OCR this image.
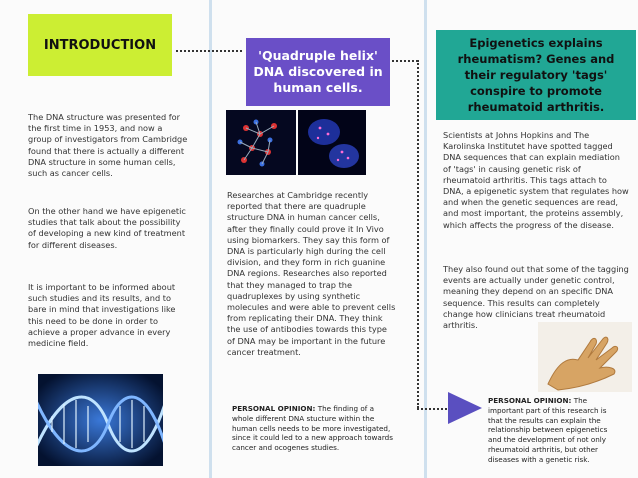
INTRODUCTION

The DNA structure was presented for the first time in 1953, and now a group of investigators from Cambridge found that there is actually a different DNA structure in some human cells, such as cancer cells.

On the other hand we have epigenetic studies that talk about the possibility of developing a new kind of treatment for different diseases.

It is important to be informed about such studies and its results, and to bare in mind that investigations like this need to be done in order to achieve a proper advance in every medicine field.

'Quadruple helix' DNA discovered in human cells.

Researches at Cambridge recently reported that there are quadruple structure DNA in human cancer cells, after they finally could prove it In Vivo using biomarkers. They say this form of DNA is particularly high during the cell division, and they form in rich guanine DNA regions. Researches also reported that they managed to trap the quadruplexes by using synthetic molecules and were able to prevent cells from replicating their DNA. They think the use of antibodies towards this type of DNA may be important in the future cancer treatment.

PERSONAL OPINION: The finding of a whole different DNA stucture within the human cells needs to be more investigated, since it could led to a new approach towards cancer and ocogenes studies.

Epigenetics explains rheumatism? Genes and their regulatory 'tags' conspire to promote rheumatoid arthritis.

Scientists at Johns Hopkins and The Karolinska Institutet have spotted tagged DNA sequences that can explain mediation of 'tags' in causing genetic risk of rheumatoid arthritis. This tags attach to DNA, a epigenetic system that regulates how and when the genetic sequences are read, and most important, the proteins assembly, which affects the progress of the disease.

They also found out that some of the tagging events are actually under genetic control, meaning they depend on an specific DNA sequence. This results can completely change how clinicians treat rheumatoid arthritis.

PERSONAL OPINION: The important part of this research is that the results can explain the relationship between epigenetics and the development of not only rheumatoid arthritis, but other diseases with a genetic risk.
